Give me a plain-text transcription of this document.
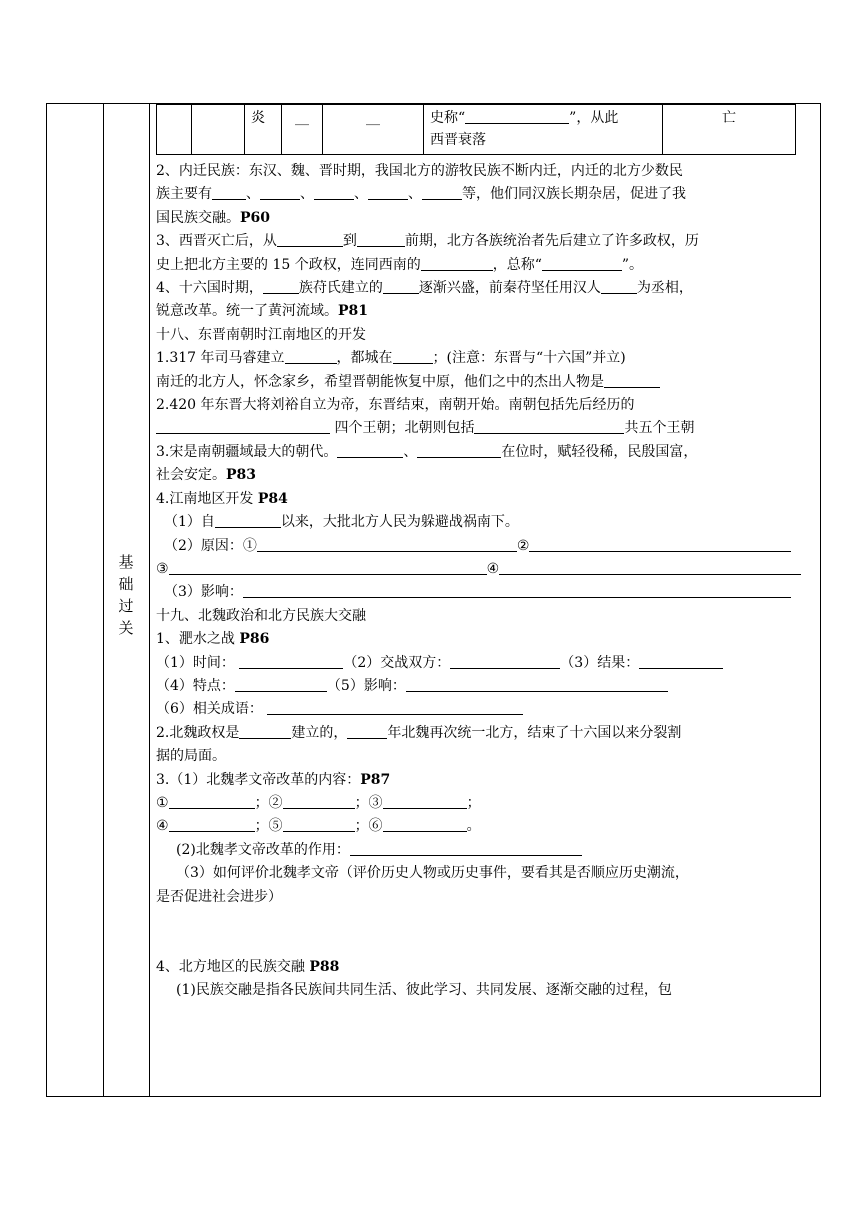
基
础
过
关
		炎	__	__	史称“	”，从此
西晋衰落	亡

2、内迁民族：东汉、魏、晋时期，我国北方的游牧民族不断内迁，内迁的北方少数民

族主要有 、	、	、	、	等，他们同汉族长期杂居，促进了我

国民族交融。P60

3、西晋灭亡后，从	到	前期，北方各族统治者先后建立了许多政权，历

史上把北方主要的 15 个政权，连同西南的	，总称“	”。

4、十六国时期，	族苻氏建立的	逐渐兴盛，前秦苻坚任用汉人	为丞相，

锐意改革。统一了黄河流域。P81

十八、东晋南朝时江南地区的开发

1.317 年司马睿建立	，都城在	；(注意：东晋与“十六国”并立)

南迁的北方人，怀念家乡，希望晋朝能恢复中原，他们之中的杰出人物是

2.420 年东晋大将刘裕自立为帝，东晋结束，南朝开始。南朝包括先后经历的

四个王朝；北朝则包括	共五个王朝

3.宋是南朝疆域最大的朝代。	、	在位时，赋轻役稀，民殷国富，

社会安定。P83

4.江南地区开发 P84

（1）自	以来，大批北方人民为躲避战祸南下。

（2）原因：①	②

③	④

（3）影响：

十九、北魏政治和北方民族大交融

1、淝水之战 P86

（1）时间：	（2）交战双方：	（3）结果：

（4）特点：	（5）影响：

（6）相关成语：

2.北魏政权是	建立的，	年北魏再次统一北方，结束了十六国以来分裂割

据的局面。

3.（1）北魏孝文帝改革的内容：P87

①	；②	；③	；

④	；⑤	；⑥	。

(2)北魏孝文帝改革的作用：

（3）如何评价北魏孝文帝（评价历史人物或历史事件，要看其是否顺应历史潮流，

是否促进社会进步）

4、北方地区的民族交融 P88

(1)民族交融是指各民族间共同生活、彼此学习、共同发展、逐渐交融的过程，包
